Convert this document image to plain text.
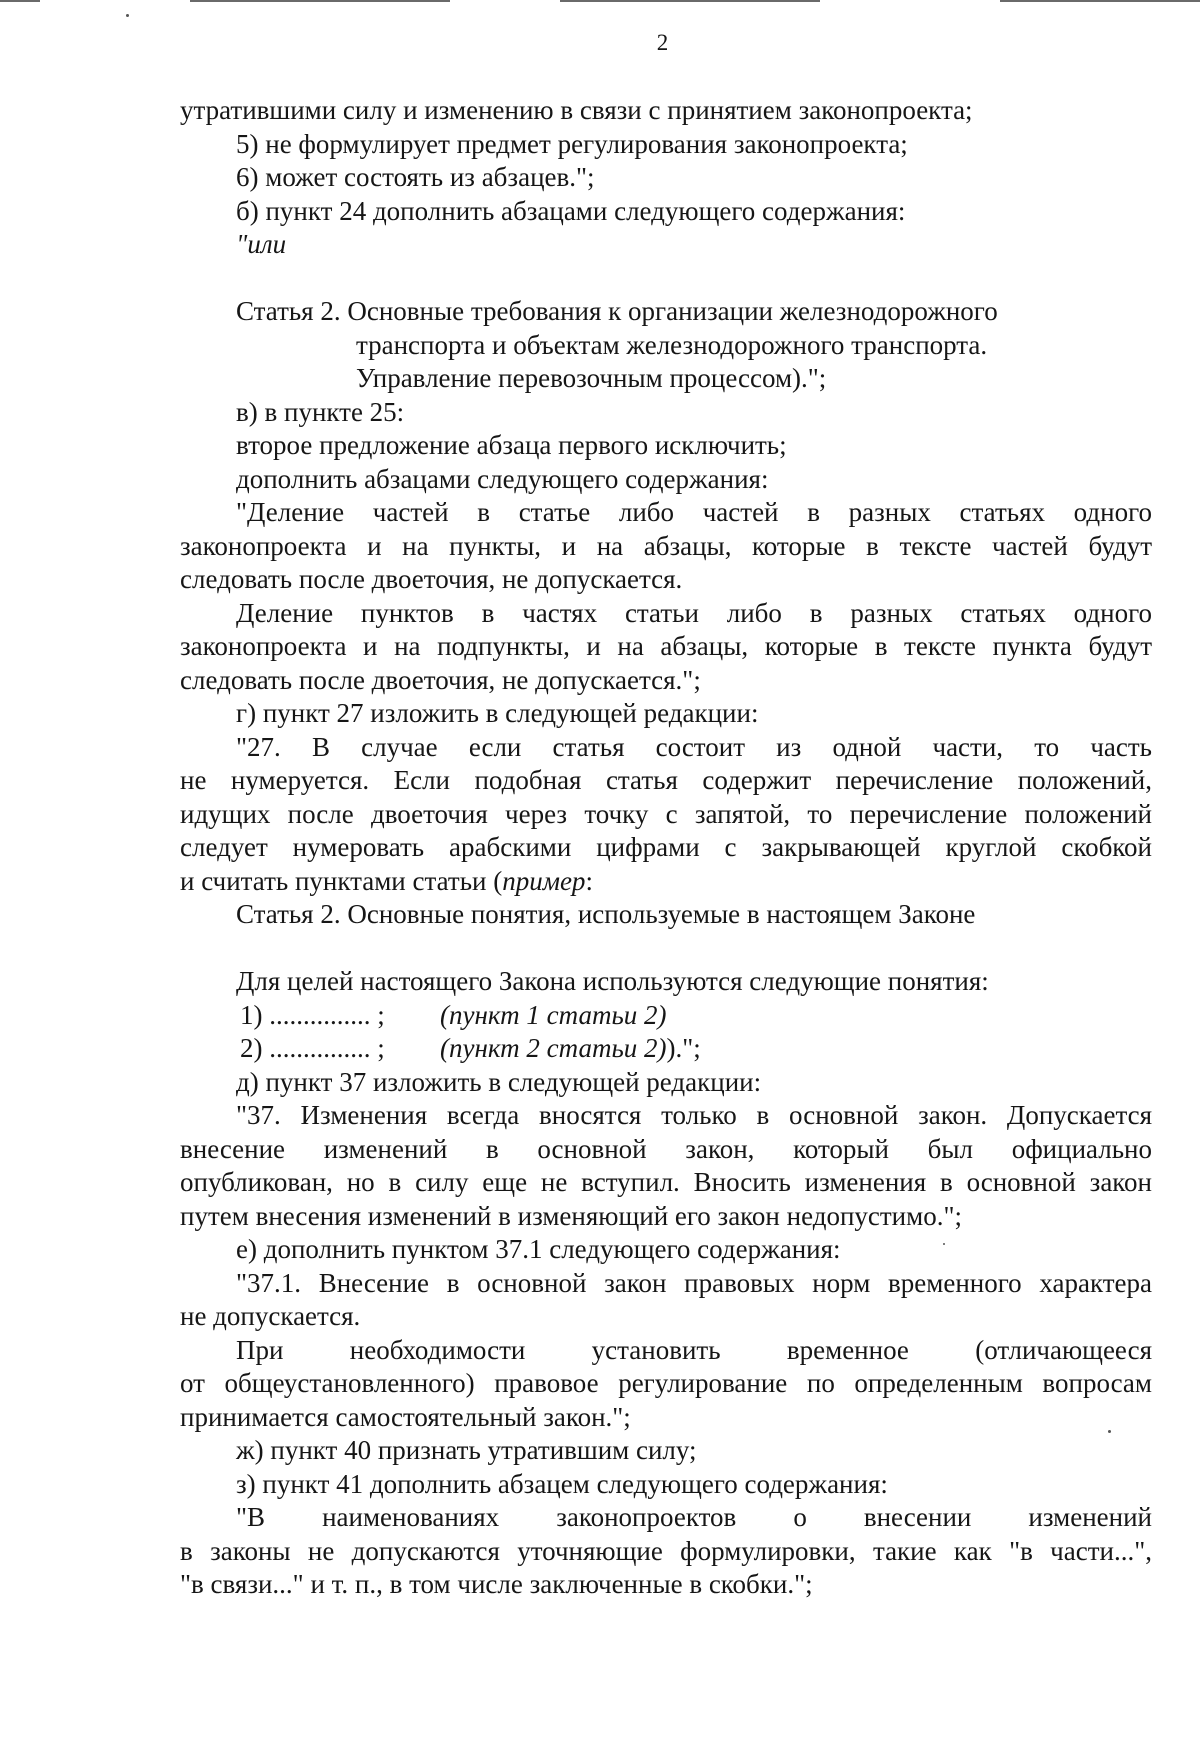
2
утратившими силу и изменению в связи с принятием законопроекта;
5) не формулирует предмет регулирования законопроекта;
6) может состоять из абзацев.";
б) пункт 24 дополнить абзацами следующего содержания:
"или
Статья 2. Основные требования к организации железнодорожного
транспорта и объектам железнодорожного транспорта.
Управление перевозочным процессом).";
в) в пункте 25:
второе предложение абзаца первого исключить;
дополнить абзацами следующего содержания:
"Деление частей в статье либо частей в разных статьях одного
законопроекта и на пункты, и на абзацы, которые в тексте частей будут
следовать после двоеточия, не допускается.
Деление пунктов в частях статьи либо в разных статьях одного
законопроекта и на подпункты, и на абзацы, которые в тексте пункта будут
следовать после двоеточия, не допускается.";
г) пункт 27 изложить в следующей редакции:
"27. В случае если статья состоит из одной части, то часть
не нумеруется. Если подобная статья содержит перечисление положений,
идущих после двоеточия через точку с запятой, то перечисление положений
следует нумеровать арабскими цифрами с закрывающей круглой скобкой
и считать пунктами статьи (пример:
Статья 2. Основные понятия, используемые в настоящем Законе
Для целей настоящего Закона используются следующие понятия:
1) ............... ; (пункт 1 статьи 2)
2) ............... ; (пункт 2 статьи 2)).";
д) пункт 37 изложить в следующей редакции:
"37. Изменения всегда вносятся только в основной закон. Допускается
внесение изменений в основной закон, который был официально
опубликован, но в силу еще не вступил. Вносить изменения в основной закон
путем внесения изменений в изменяющий его закон недопустимо.";
е) дополнить пунктом 37.1 следующего содержания:
"37.1. Внесение в основной закон правовых норм временного характера
не допускается.
При необходимости установить временное (отличающееся
от общеустановленного) правовое регулирование по определенным вопросам
принимается самостоятельный закон.";
ж) пункт 40 признать утратившим силу;
з) пункт 41 дополнить абзацем следующего содержания:
"В наименованиях законопроектов о внесении изменений
в законы не допускаются уточняющие формулировки, такие как "в части...",
"в связи..." и т. п., в том числе заключенные в скобки.";
